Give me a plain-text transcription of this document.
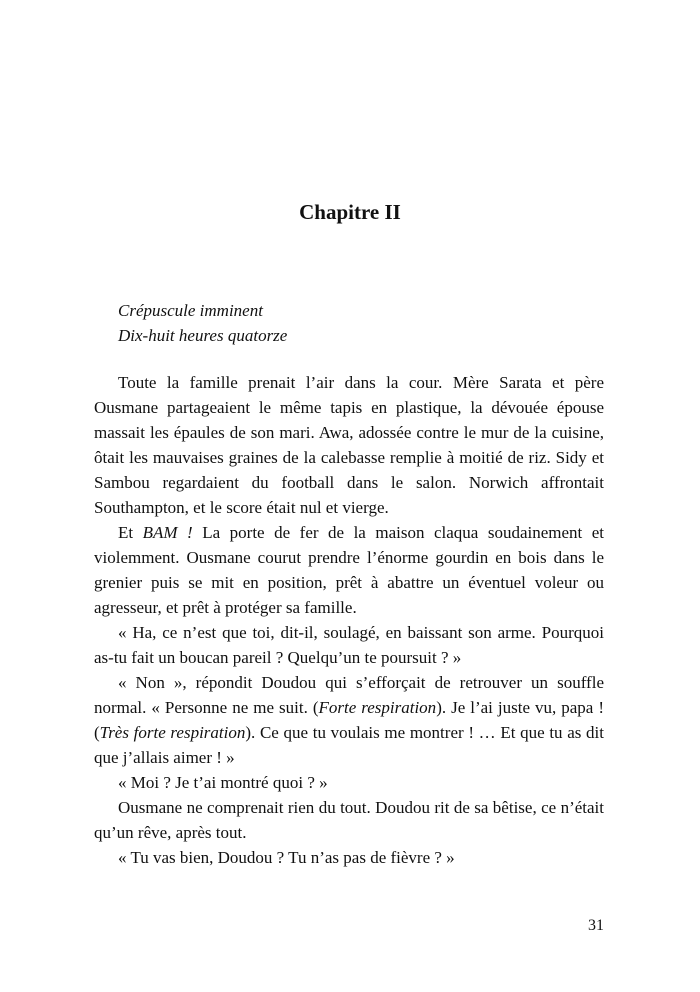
Chapitre II
Crépuscule imminent
Dix-huit heures quatorze

Toute la famille prenait l’air dans la cour. Mère Sarata et père Ousmane partageaient le même tapis en plastique, la dévouée épouse massait les épaules de son mari. Awa, adossée contre le mur de la cuisine, ôtait les mauvaises graines de la calebasse remplie à moitié de riz. Sidy et Sambou regardaient du football dans le salon. Norwich affrontait Southampton, et le score était nul et vierge.

Et BAM ! La porte de fer de la maison claqua soudainement et violemment. Ousmane courut prendre l’énorme gourdin en bois dans le grenier puis se mit en position, prêt à abattre un éventuel voleur ou agresseur, et prêt à protéger sa famille.

« Ha, ce n’est que toi, dit-il, soulagé, en baissant son arme. Pourquoi as-tu fait un boucan pareil ? Quelqu’un te poursuit ? »

« Non », répondit Doudou qui s’efforçait de retrouver un souffle normal. « Personne ne me suit. (Forte respiration). Je l’ai juste vu, papa ! (Très forte respiration). Ce que tu voulais me montrer ! … Et que tu as dit que j’allais aimer ! »

« Moi ? Je t’ai montré quoi ? »

Ousmane ne comprenait rien du tout. Doudou rit de sa bêtise, ce n’était qu’un rêve, après tout.

« Tu vas bien, Doudou ? Tu n’as pas de fièvre ? »

31
